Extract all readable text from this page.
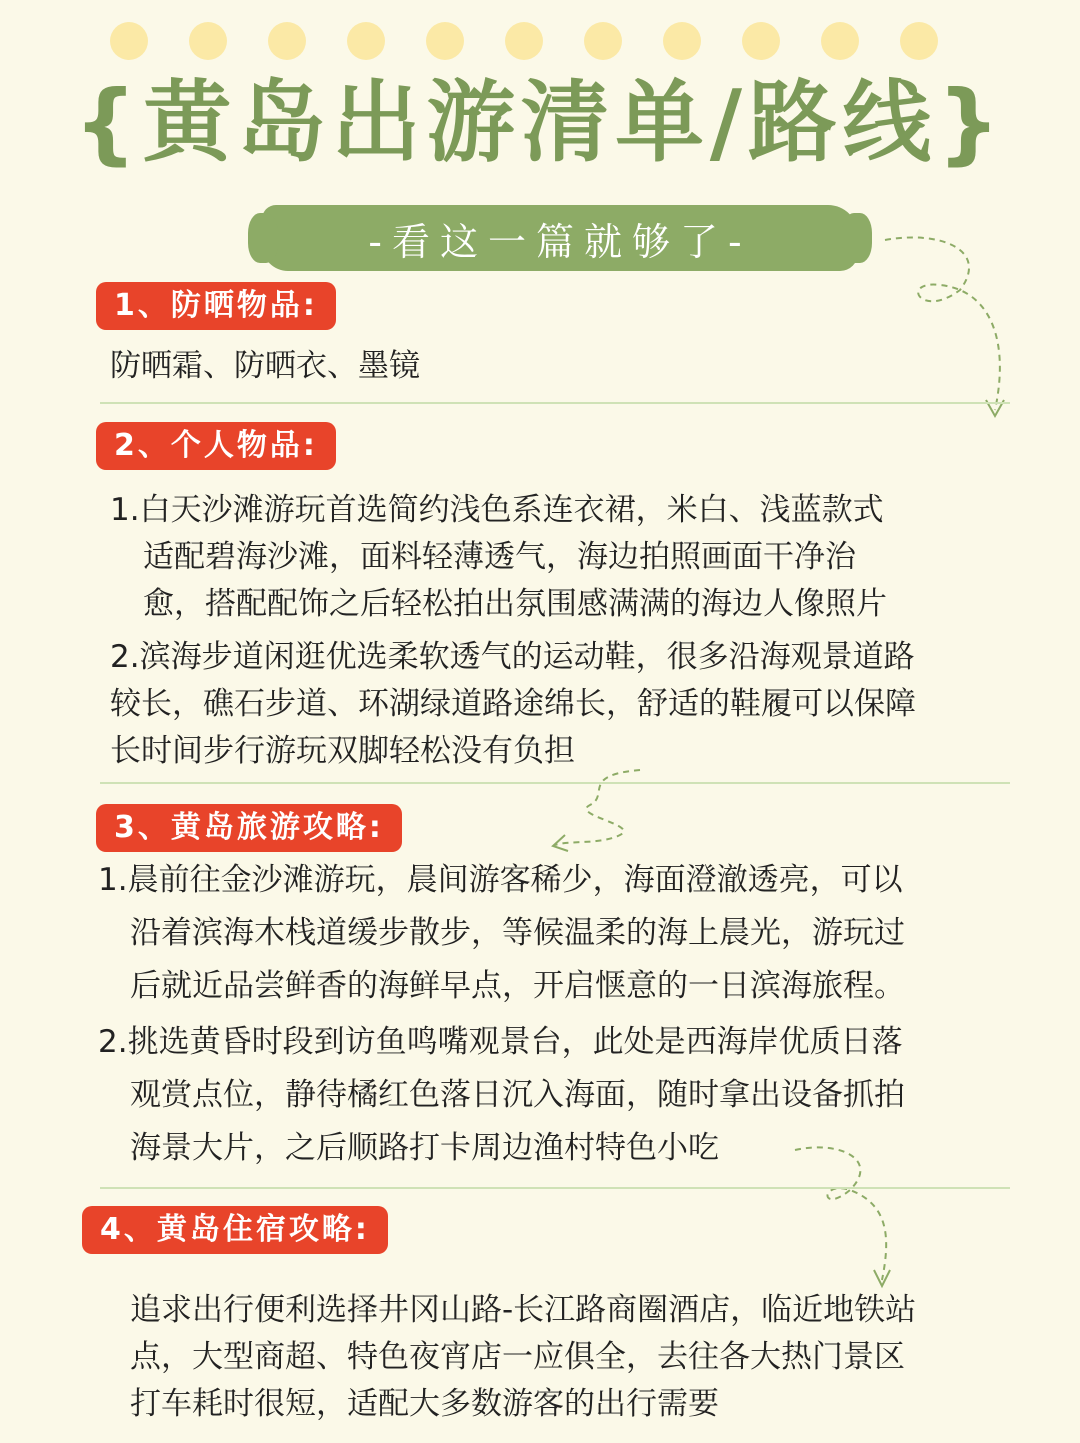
{黄岛出游清单/路线}
-看这一篇就够了-
1、防晒物品:
防晒霜、防晒衣、墨镜
2、个人物品:
1.白天沙滩游玩首选简约浅色系连衣裙，米白、浅蓝款式
适配碧海沙滩，面料轻薄透气，海边拍照画面干净治
愈，搭配配饰之后轻松拍出氛围感满满的海边人像照片
2.滨海步道闲逛优选柔软透气的运动鞋，很多沿海观景道路
较长，礁石步道、环湖绿道路途绵长，舒适的鞋履可以保障
长时间步行游玩双脚轻松没有负担
3、黄岛旅游攻略:
1.晨前往金沙滩游玩，晨间游客稀少，海面澄澈透亮，可以
沿着滨海木栈道缓步散步，等候温柔的海上晨光，游玩过
后就近品尝鲜香的海鲜早点，开启惬意的一日滨海旅程。
2.挑选黄昏时段到访鱼鸣嘴观景台，此处是西海岸优质日落
观赏点位，静待橘红色落日沉入海面，随时拿出设备抓拍
海景大片，之后顺路打卡周边渔村特色小吃
4、黄岛住宿攻略:
追求出行便利选择井冈山路-长江路商圈酒店，临近地铁站
点，大型商超、特色夜宵店一应俱全，去往各大热门景区
打车耗时很短，适配大多数游客的出行需要
